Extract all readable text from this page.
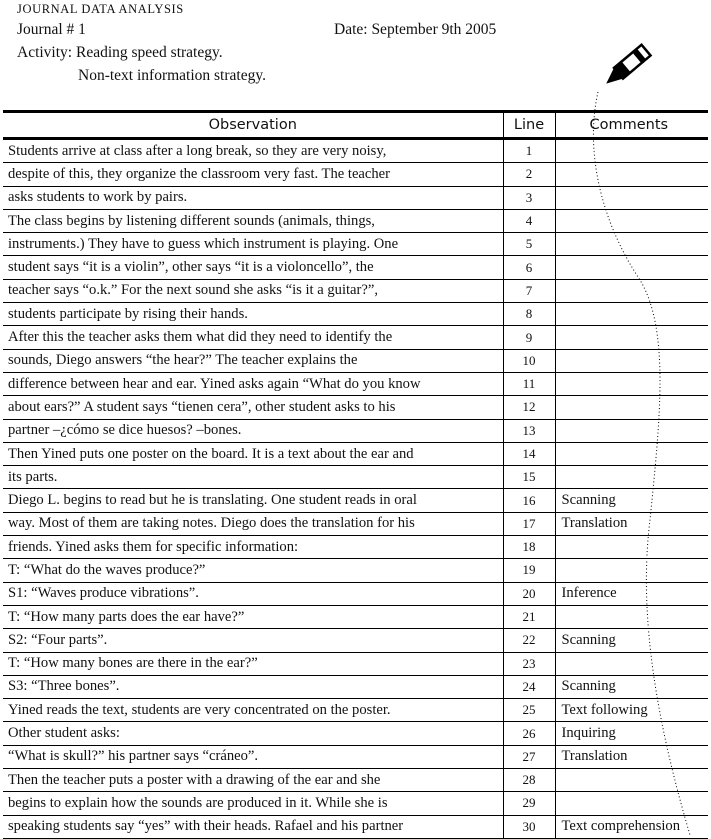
JOURNAL DATA ANALYSIS
Journal # 1	Date: September 9th 2005
Activity: Reading speed strategy.
Non-text information strategy.
Observation	Line	Comments
Students arrive at class after a long break, so they are very noisy,	1	
despite of this, they organize the classroom very fast. The teacher	2	
asks students to work by pairs.	3	
The class begins by listening different sounds (animals, things,	4	
instruments.) They have to guess which instrument is playing. One	5	
student says “it is a violin”, other says “it is a violoncello”, the	6	
teacher says “o.k.” For the next sound she asks “is it a guitar?”,	7	
students participate by rising their hands.	8	
After this the teacher asks them what did they need to identify the	9	
sounds, Diego answers “the hear?” The teacher explains the	10	
difference between hear and ear. Yined asks again “What do you know	11	
about ears?” A student says “tienen cera”, other student asks to his	12	
partner –¿cómo se dice huesos? –bones.	13	
Then Yined puts one poster on the board. It is a text about the ear and	14	
its parts.	15	
Diego L. begins to read but he is translating. One student reads in oral	16	Scanning
way. Most of them are taking notes. Diego does the translation for his	17	Translation
friends. Yined asks them for specific information:	18	
T: “What do the waves produce?”	19	
S1: “Waves produce vibrations”.	20	Inference
T: “How many parts does the ear have?”	21	
S2: “Four parts”.	22	Scanning
T: “How many bones are there in the ear?”	23	
S3: “Three bones”.	24	Scanning
Yined reads the text, students are very concentrated on the poster.	25	Text following
Other student asks:	26	Inquiring
“What is skull?” his partner says “cráneo”.	27	Translation
Then the teacher puts a poster with a drawing of the ear and she	28	
begins to explain how the sounds are produced in it. While she is	29	
speaking students say “yes” with their heads. Rafael and his partner	30	Text comprehension
